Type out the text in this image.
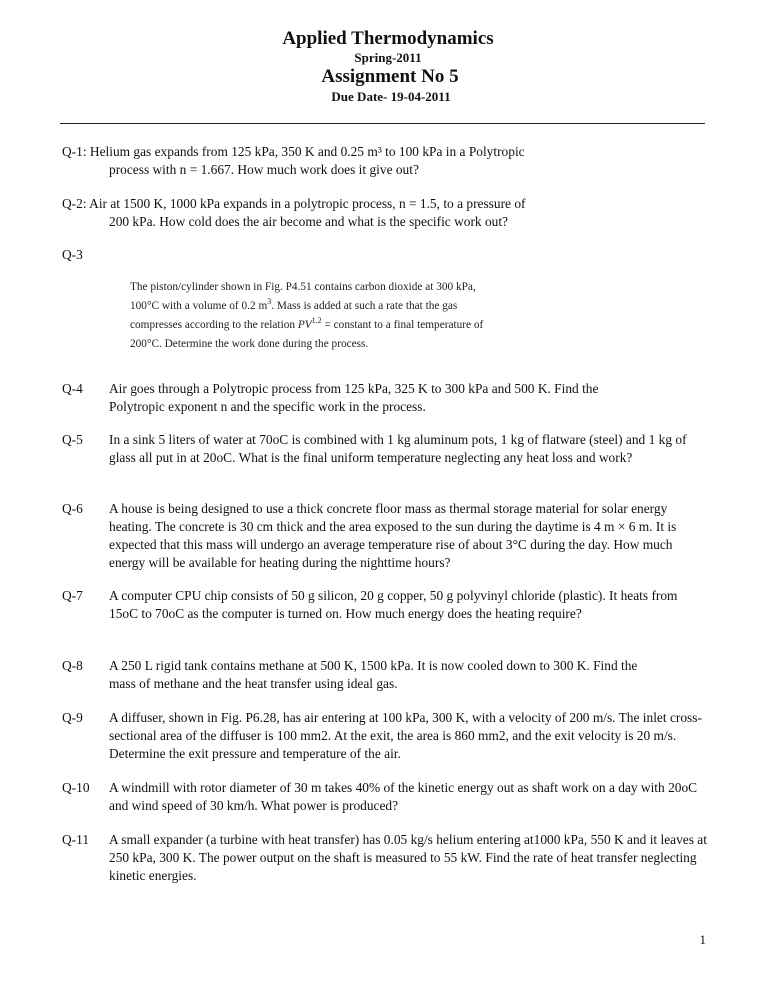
Applied Thermodynamics
Spring-2011
Assignment No 5
Due Date- 19-04-2011
Q-1: Helium gas expands from 125 kPa, 350 K and 0.25 m³ to 100 kPa in a Polytropic
process with n = 1.667. How much work does it give out?
Q-2: Air at 1500 K, 1000 kPa expands in a polytropic process, n = 1.5, to a pressure of
200 kPa. How cold does the air become and what is the specific work out?
Q-3

The piston/cylinder shown in Fig. P4.51 contains carbon dioxide at 300 kPa,

100°C with a volume of 0.2 $m^3$. Mass is added at such a rate that the gas

compresses according to the relation $PV^{1.2}$ = constant to a final temperature of

200°C. Determine the work done during the process.

Q-4 Air goes through a Polytropic process from 125 kPa, 325 K to 300 kPa and 500 K. Find the Polytropic exponent n and the specific work in the process.
Q-5 In a sink 5 liters of water at 70oC is combined with 1 kg aluminum pots, 1 kg of flatware (steel) and 1 kg of glass all put in at 20oC. What is the final uniform temperature neglecting any heat loss and work?
Q-6 A house is being designed to use a thick concrete floor mass as thermal storage material for solar energy heating. The concrete is 30 cm thick and the area exposed to the sun during the daytime is 4 m × 6 m. It is expected that this mass will undergo an average temperature rise of about 3°C during the day. How much energy will be available for heating during the nighttime hours?
Q-7 A computer CPU chip consists of 50 g silicon, 20 g copper, 50 g polyvinyl chloride (plastic). It heats from 15oC to 70oC as the computer is turned on. How much energy does the heating require?
Q-8 A 250 L rigid tank contains methane at 500 K, 1500 kPa. It is now cooled down to 300 K. Find the mass of methane and the heat transfer using ideal gas.
Q-9 A diffuser, shown in Fig. P6.28, has air entering at 100 kPa, 300 K, with a velocity of 200 m/s. The inlet cross-sectional area of the diffuser is 100 mm2. At the exit, the area is 860 mm2, and the exit velocity is 20 m/s. Determine the exit pressure and temperature of the air.
Q-10 A windmill with rotor diameter of 30 m takes 40% of the kinetic energy out as shaft work on a day with 20oC and wind speed of 30 km/h. What power is produced?
Q-11 A small expander (a turbine with heat transfer) has 0.05 kg/s helium entering at1000 kPa, 550 K and it leaves at 250 kPa, 300 K. The power output on the shaft is measured to 55 kW. Find the rate of heat transfer neglecting kinetic energies.
1
